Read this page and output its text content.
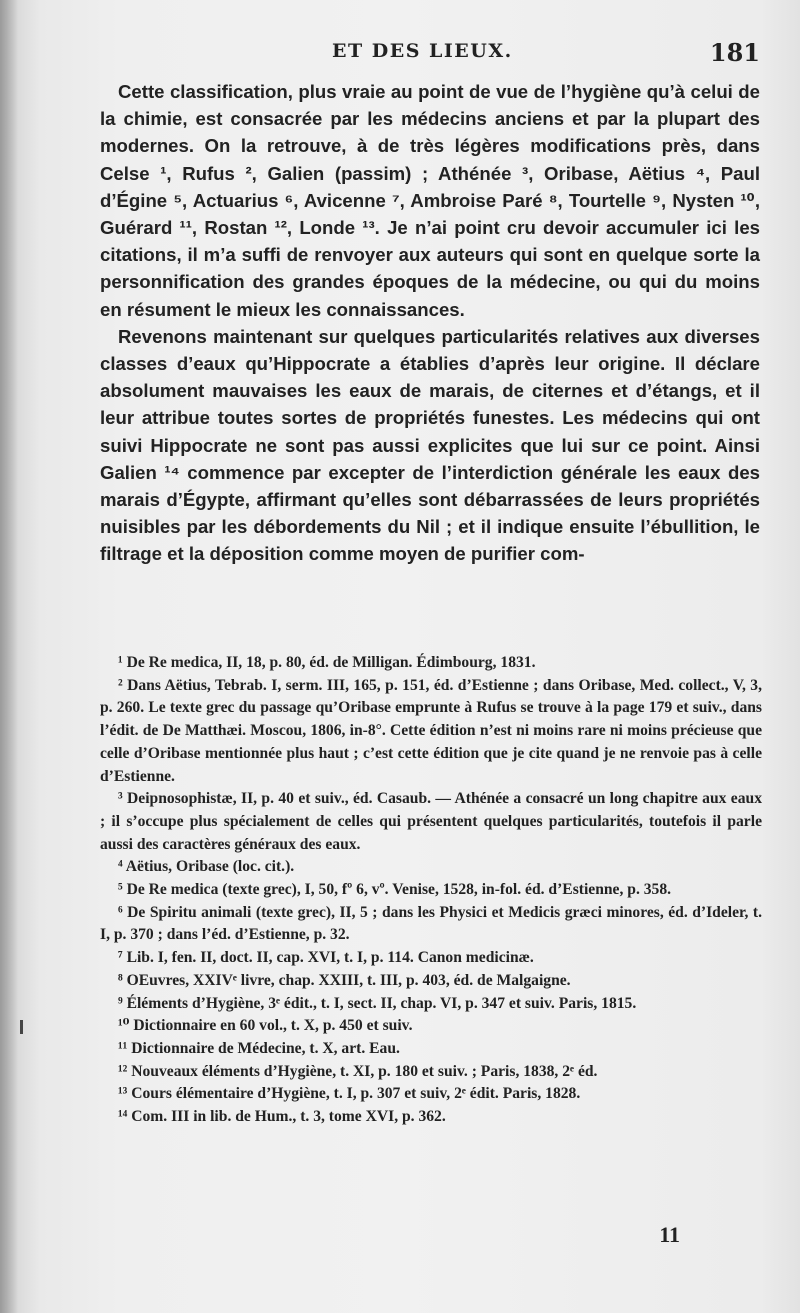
ET DES LIEUX.	181

Cette classification, plus vraie au point de vue de l’hygiène qu’à celui de la chimie, est consacrée par les médecins anciens et par la plupart des modernes. On la retrouve, à de très légères modifications près, dans Celse ¹, Rufus ², Galien (passim) ; Athénée ³, Oribase, Aëtius ⁴, Paul d’Égine ⁵, Actuarius ⁶, Avicenne ⁷, Ambroise Paré ⁸, Tourtelle ⁹, Nysten ¹⁰, Guérard ¹¹, Rostan ¹², Londe ¹³. Je n’ai point cru devoir accumuler ici les citations, il m’a suffi de renvoyer aux auteurs qui sont en quelque sorte la personnification des grandes époques de la médecine, ou qui du moins en résument le mieux les connaissances.

Revenons maintenant sur quelques particularités relatives aux diverses classes d’eaux qu’Hippocrate a établies d’après leur origine. Il déclare absolument mauvaises les eaux de marais, de citernes et d’étangs, et il leur attribue toutes sortes de propriétés funestes. Les médecins qui ont suivi Hippocrate ne sont pas aussi explicites que lui sur ce point. Ainsi Galien ¹⁴ commence par excepter de l’interdiction générale les eaux des marais d’Égypte, affirmant qu’elles sont débarrassées de leurs propriétés nuisibles par les débordements du Nil ; et il indique ensuite l’ébullition, le filtrage et la déposition comme moyen de purifier com-

¹ De Re medica, II, 18, p. 80, éd. de Milligan. Édimbourg, 1831.

² Dans Aëtius, Tebrab. I, serm. III, 165, p. 151, éd. d’Estienne ; dans Oribase, Med. collect., V, 3, p. 260. Le texte grec du passage qu’Oribase emprunte à Rufus se trouve à la page 179 et suiv., dans l’édit. de De Matthæi. Moscou, 1806, in-8°. Cette édition n’est ni moins rare ni moins précieuse que celle d’Oribase mentionnée plus haut ; c’est cette édition que je cite quand je ne renvoie pas à celle d’Estienne.

³ Deipnosophistæ, II, p. 40 et suiv., éd. Casaub. — Athénée a consacré un long chapitre aux eaux ; il s’occupe plus spécialement de celles qui présentent quelques particularités, toutefois il parle aussi des caractères généraux des eaux.

⁴ Aëtius, Oribase (loc. cit.).

⁵ De Re medica (texte grec), I, 50, fº 6, vº. Venise, 1528, in-fol. éd. d’Estienne, p. 358.

⁶ De Spiritu animali (texte grec), II, 5 ; dans les Physici et Medicis græci minores, éd. d’Ideler, t. I, p. 370 ; dans l’éd. d’Estienne, p. 32.

⁷ Lib. I, fen. II, doct. II, cap. XVI, t. I, p. 114. Canon medicinæ.

⁸ OEuvres, XXIVᵉ livre, chap. XXIII, t. III, p. 403, éd. de Malgaigne.

⁹ Éléments d’Hygiène, 3ᵉ édit., t. I, sect. II, chap. VI, p. 347 et suiv. Paris, 1815.

¹⁰ Dictionnaire en 60 vol., t. X, p. 450 et suiv.

¹¹ Dictionnaire de Médecine, t. X, art. Eau.

¹² Nouveaux éléments d’Hygiène, t. XI, p. 180 et suiv. ; Paris, 1838, 2ᵉ éd.

¹³ Cours élémentaire d’Hygiène, t. I, p. 307 et suiv, 2ᵉ édit. Paris, 1828.

¹⁴ Com. III in lib. de Hum., t. 3, tome XVI, p. 362.

11
